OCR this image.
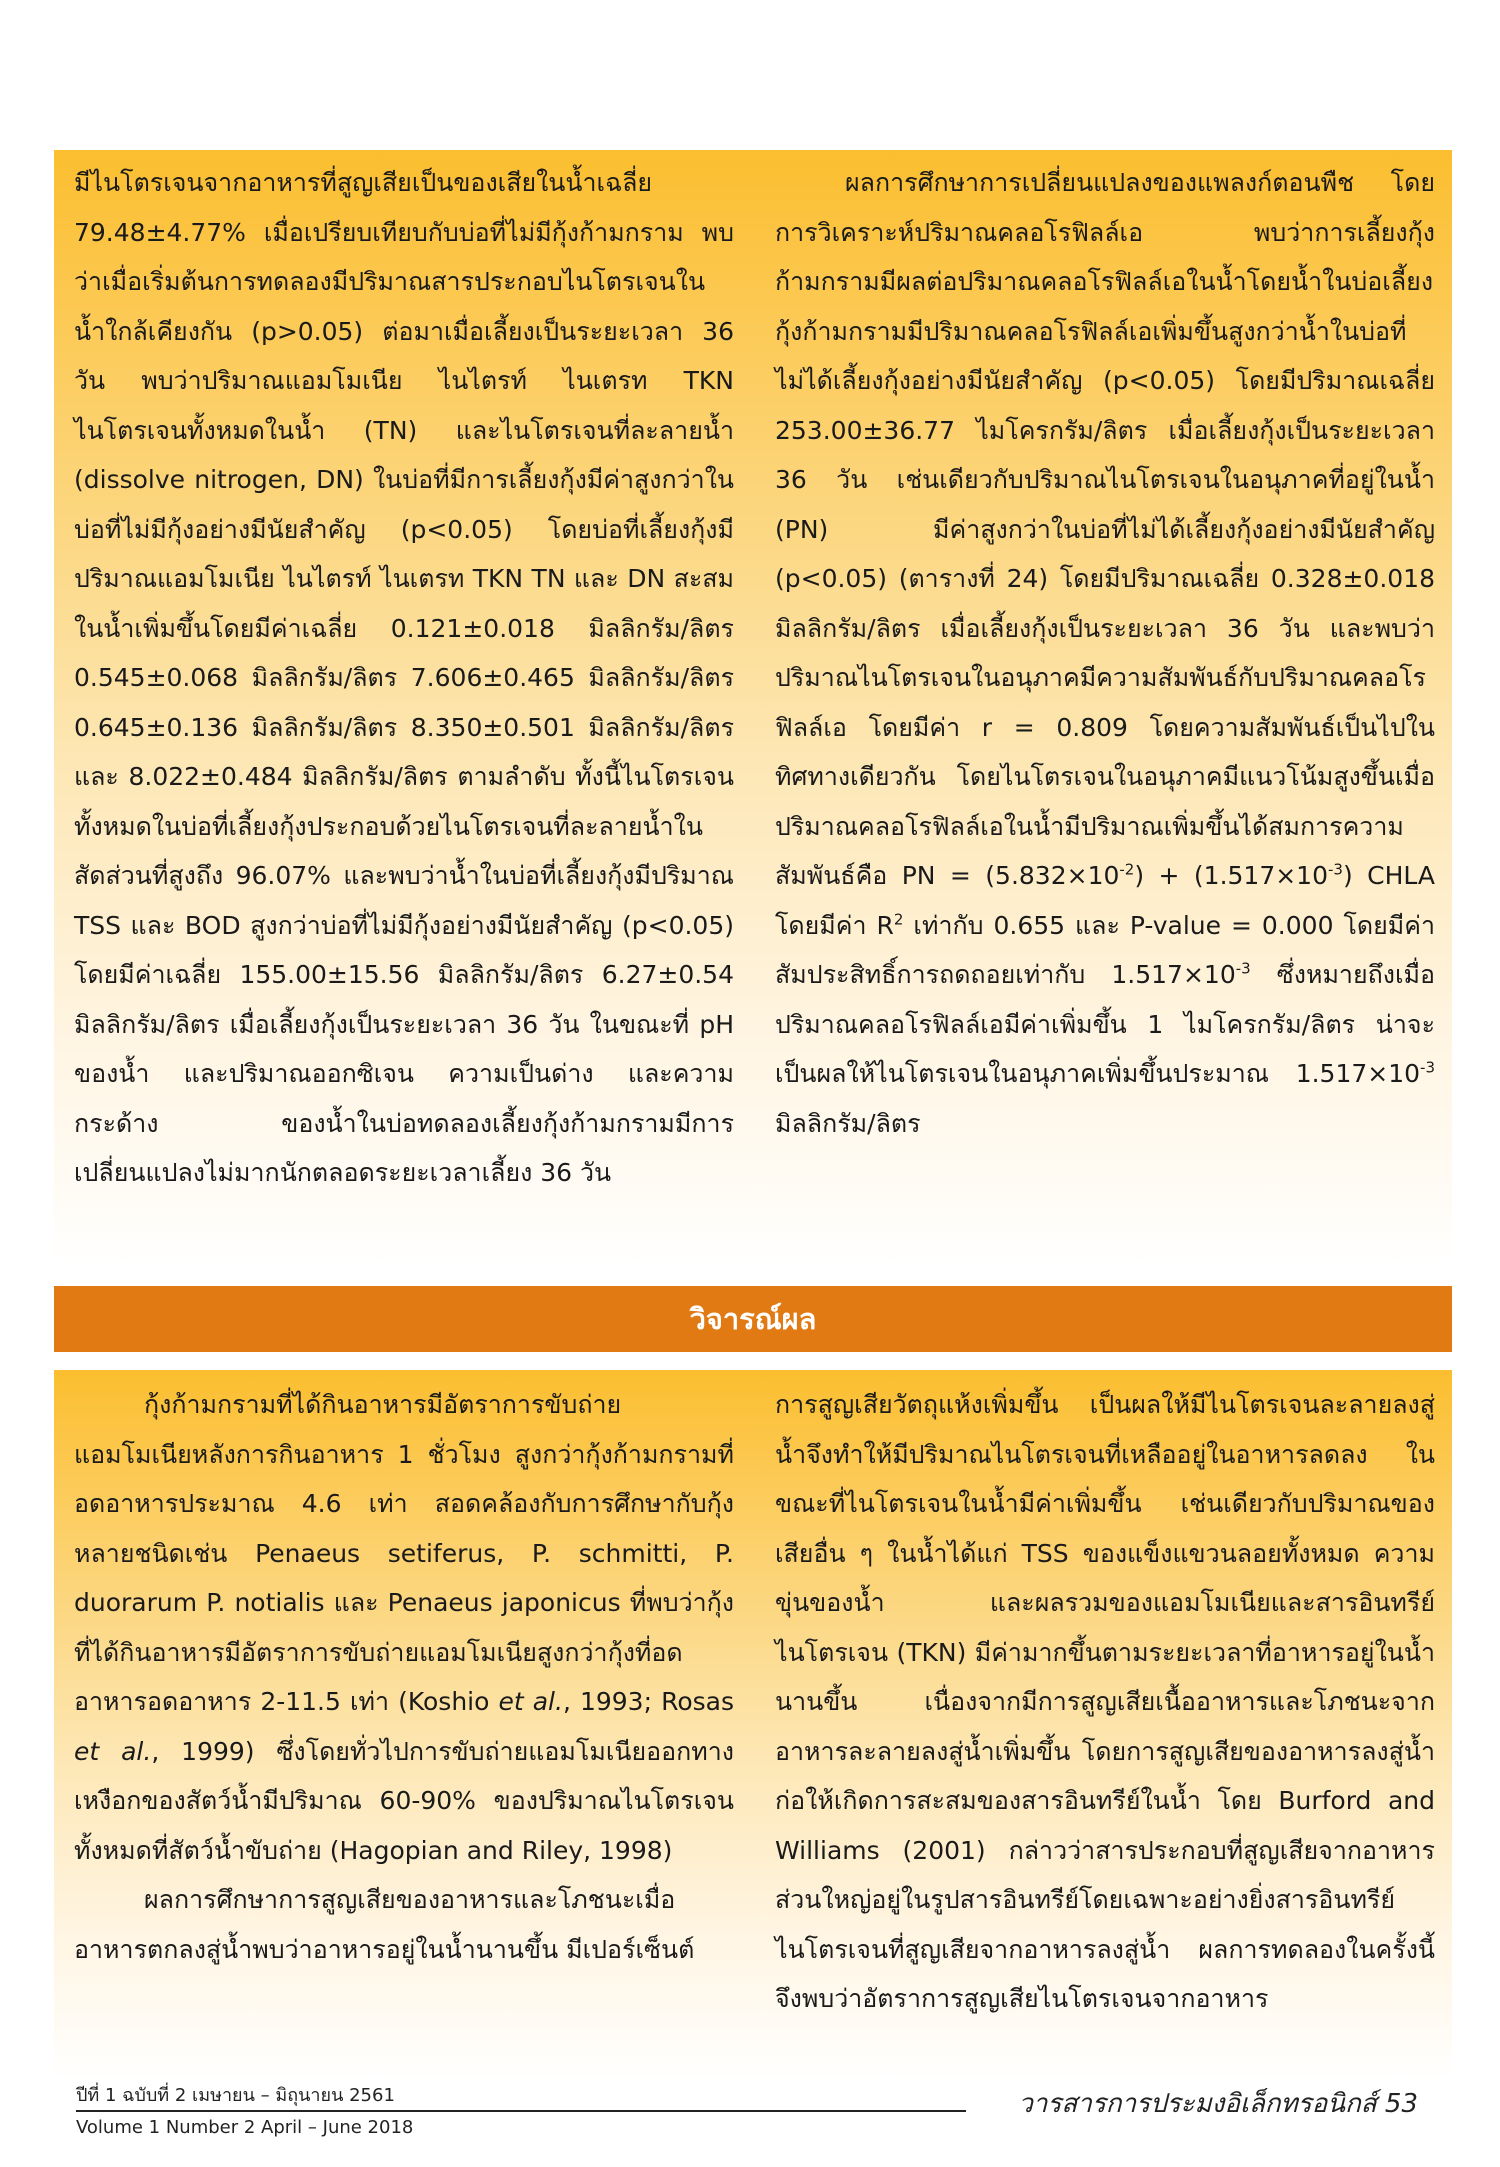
มีไนโตรเจนจากอาหารที่สูญเสียเป็นของเสียในน้ำเฉลี่ย 79.48±4.77% เมื่อเปรียบเทียบกับบ่อที่ไม่มีกุ้งก้ามกราม พบว่าเมื่อเริ่มต้นการทดลองมีปริมาณสารประกอบไนโตรเจนในน้ำใกล้เคียงกัน (p>0.05) ต่อมาเมื่อเลี้ยงเป็นระยะเวลา 36 วัน พบว่าปริมาณแอมโมเนีย ไนไตรท์ ไนเตรท TKN ไนโตรเจนทั้งหมดในน้ำ (TN) และไนโตรเจนที่ละลายน้ำ (dissolve nitrogen, DN) ในบ่อที่มีการเลี้ยงกุ้งมีค่าสูงกว่าในบ่อที่ไม่มีกุ้งอย่างมีนัยสำคัญ (p<0.05) โดยบ่อที่เลี้ยงกุ้งมีปริมาณแอมโมเนีย ไนไตรท์ ไนเตรท TKN TN และ DN สะสมในน้ำเพิ่มขึ้นโดยมีค่าเฉลี่ย 0.121±0.018 มิลลิกรัม/ลิตร 0.545±0.068 มิลลิกรัม/ลิตร 7.606±0.465 มิลลิกรัม/ลิตร 0.645±0.136 มิลลิกรัม/ลิตร 8.350±0.501 มิลลิกรัม/ลิตร และ 8.022±0.484 มิลลิกรัม/ลิตร ตามลำดับ ทั้งนี้ไนโตรเจนทั้งหมดในบ่อที่เลี้ยงกุ้งประกอบด้วยไนโตรเจนที่ละลายน้ำในสัดส่วนที่สูงถึง 96.07% และพบว่าน้ำในบ่อที่เลี้ยงกุ้งมีปริมาณ TSS และ BOD สูงกว่าบ่อที่ไม่มีกุ้งอย่างมีนัยสำคัญ (p<0.05) โดยมีค่าเฉลี่ย 155.00±15.56 มิลลิกรัม/ลิตร 6.27±0.54 มิลลิกรัม/ลิตร เมื่อเลี้ยงกุ้งเป็นระยะเวลา 36 วัน ในขณะที่ pH ของน้ำ และปริมาณออกซิเจน ความเป็นด่าง และความกระด้าง ของน้ำในบ่อทดลองเลี้ยงกุ้งก้ามกรามมีการเปลี่ยนแปลงไม่มากนักตลอดระยะเวลาเลี้ยง 36 วัน

ผลการศึกษาการเปลี่ยนแปลงของแพลงก์ตอนพืช โดยการวิเคราะห์ปริมาณคลอโรฟิลล์เอ พบว่าการเลี้ยงกุ้งก้ามกรามมีผลต่อปริมาณคลอโรฟิลล์เอในน้ำโดยน้ำในบ่อเลี้ยงกุ้งก้ามกรามมีปริมาณคลอโรฟิลล์เอเพิ่มขึ้นสูงกว่าน้ำในบ่อที่ไม่ได้เลี้ยงกุ้งอย่างมีนัยสำคัญ (p<0.05) โดยมีปริมาณเฉลี่ย 253.00±36.77 ไมโครกรัม/ลิตร เมื่อเลี้ยงกุ้งเป็นระยะเวลา 36 วัน เช่นเดียวกับปริมาณไนโตรเจนในอนุภาคที่อยู่ในน้ำ (PN) มีค่าสูงกว่าในบ่อที่ไม่ได้เลี้ยงกุ้งอย่างมีนัยสำคัญ (p<0.05) (ตารางที่ 24) โดยมีปริมาณเฉลี่ย 0.328±0.018 มิลลิกรัม/ลิตร เมื่อเลี้ยงกุ้งเป็นระยะเวลา 36 วัน และพบว่าปริมาณไนโตรเจนในอนุภาคมีความสัมพันธ์กับปริมาณคลอโรฟิลล์เอ โดยมีค่า r = 0.809 โดยความสัมพันธ์เป็นไปในทิศทางเดียวกัน โดยไนโตรเจนในอนุภาคมีแนวโน้มสูงขึ้นเมื่อปริมาณคลอโรฟิลล์เอในน้ำมีปริมาณเพิ่มขึ้นได้สมการความสัมพันธ์คือ PN = $(5.832\times 10^{-2}) + (1.517\times 10^{-3})$ CHLA โดยมีค่า $R^2$ เท่ากับ 0.655 และ P-value = 0.000 โดยมีค่าสัมประสิทธิ์การถดถอยเท่ากับ $1.517\times 10^{-3}$ ซึ่งหมายถึงเมื่อปริมาณคลอโรฟิลล์เอมีค่าเพิ่มขึ้น 1 ไมโครกรัม/ลิตร น่าจะเป็นผลให้ไนโตรเจนในอนุภาคเพิ่มขึ้นประมาณ $1.517\times 10^{-3}$ มิลลิกรัม/ลิตร

วิจารณ์ผล

กุ้งก้ามกรามที่ได้กินอาหารมีอัตราการขับถ่ายแอมโมเนียหลังการกินอาหาร 1 ชั่วโมง สูงกว่ากุ้งก้ามกรามที่อดอาหารประมาณ 4.6 เท่า สอดคล้องกับการศึกษากับกุ้งหลายชนิดเช่น Penaeus setiferus, P. schmitti, P. duorarum P. notialis และ Penaeus japonicus ที่พบว่ากุ้งที่ได้กินอาหารมีอัตราการขับถ่ายแอมโมเนียสูงกว่ากุ้งที่อดอาหารอดอาหาร 2-11.5 เท่า (Koshio et al., 1993; Rosas et al., 1999) ซึ่งโดยทั่วไปการขับถ่ายแอมโมเนียออกทางเหงือกของสัตว์น้ำมีปริมาณ 60-90% ของปริมาณไนโตรเจนทั้งหมดที่สัตว์น้ำขับถ่าย (Hagopian and Riley, 1998)

ผลการศึกษาการสูญเสียของอาหารและโภชนะเมื่ออาหารตกลงสู่น้ำพบว่าอาหารอยู่ในน้ำนานขึ้น มีเปอร์เซ็นต์

การสูญเสียวัตถุแห้งเพิ่มขึ้น เป็นผลให้มีไนโตรเจนละลายลงสู่น้ำจึงทำให้มีปริมาณไนโตรเจนที่เหลืออยู่ในอาหารลดลง ในขณะที่ไนโตรเจนในน้ำมีค่าเพิ่มขึ้น เช่นเดียวกับปริมาณของเสียอื่น ๆ ในน้ำได้แก่ TSS ของแข็งแขวนลอยทั้งหมด ความขุ่นของน้ำ และผลรวมของแอมโมเนียและสารอินทรีย์ไนโตรเจน (TKN) มีค่ามากขึ้นตามระยะเวลาที่อาหารอยู่ในน้ำนานขึ้น เนื่องจากมีการสูญเสียเนื้ออาหารและโภชนะจากอาหารละลายลงสู่น้ำเพิ่มขึ้น โดยการสูญเสียของอาหารลงสู่น้ำก่อให้เกิดการสะสมของสารอินทรีย์ในน้ำ โดย Burford and Williams (2001) กล่าวว่าสารประกอบที่สูญเสียจากอาหารส่วนใหญ่อยู่ในรูปสารอินทรีย์โดยเฉพาะอย่างยิ่งสารอินทรีย์ไนโตรเจนที่สูญเสียจากอาหารลงสู่น้ำ ผลการทดลองในครั้งนี้จึงพบว่าอัตราการสูญเสียไนโตรเจนจากอาหาร

ปีที่ 1 ฉบับที่ 2 เมษายน – มิถุนายน 2561
Volume 1 Number 2 April – June 2018
วารสารการประมงอิเล็กทรอนิกส์ 53
